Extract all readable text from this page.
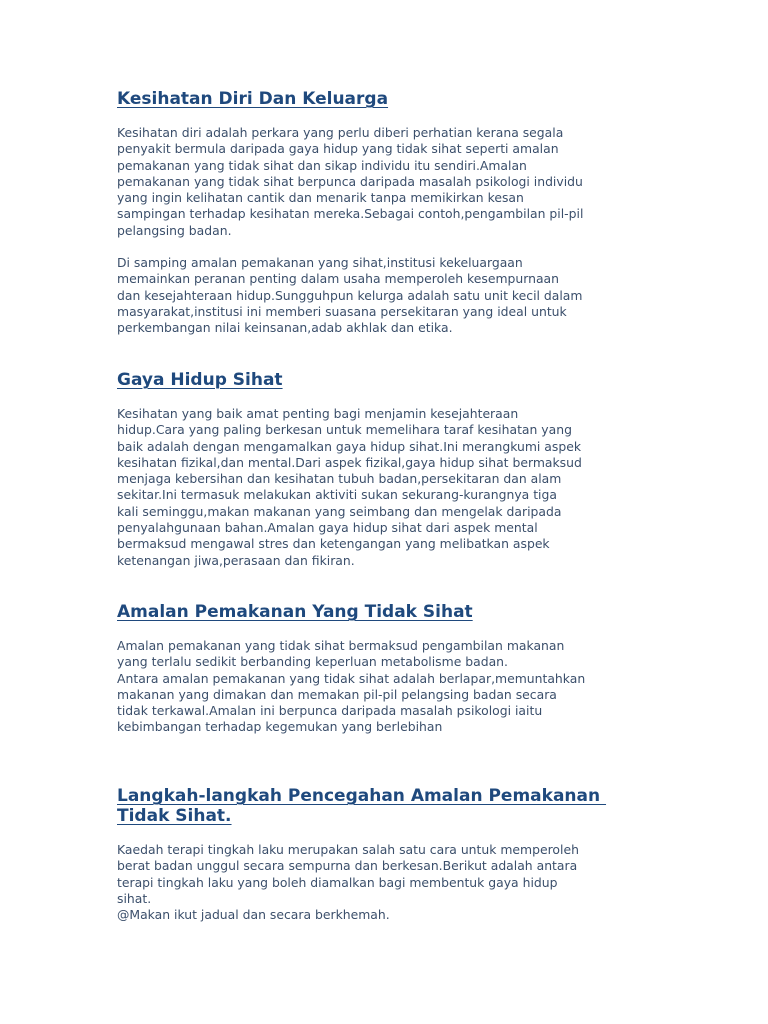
Kesihatan Diri Dan Keluarga

Kesihatan diri adalah perkara yang perlu diberi perhatian kerana segala
penyakit bermula daripada gaya hidup yang tidak sihat seperti amalan
pemakanan yang tidak sihat dan sikap individu itu sendiri.Amalan
pemakanan yang tidak sihat berpunca daripada masalah psikologi individu
yang ingin kelihatan cantik dan menarik tanpa memikirkan kesan
sampingan terhadap kesihatan mereka.Sebagai contoh,pengambilan pil-pil
pelangsing badan.

Di samping amalan pemakanan yang sihat,institusi kekeluargaan
memainkan peranan penting dalam usaha memperoleh kesempurnaan
dan kesejahteraan hidup.Sungguhpun kelurga adalah satu unit kecil dalam
masyarakat,institusi ini memberi suasana persekitaran yang ideal untuk
perkembangan nilai keinsanan,adab akhlak dan etika.

Gaya Hidup Sihat

Kesihatan yang baik amat penting bagi menjamin kesejahteraan
hidup.Cara yang paling berkesan untuk memelihara taraf kesihatan yang
baik adalah dengan mengamalkan gaya hidup sihat.Ini merangkumi aspek
kesihatan fizikal,dan mental.Dari aspek fizikal,gaya hidup sihat bermaksud
menjaga kebersihan dan kesihatan tubuh badan,persekitaran dan alam
sekitar.Ini termasuk melakukan aktiviti sukan sekurang-kurangnya tiga
kali seminggu,makan makanan yang seimbang dan mengelak daripada
penyalahgunaan bahan.Amalan gaya hidup sihat dari aspek mental
bermaksud mengawal stres dan ketengangan yang melibatkan aspek
ketenangan jiwa,perasaan dan fikiran.

Amalan Pemakanan Yang Tidak Sihat

Amalan pemakanan yang tidak sihat bermaksud pengambilan makanan
yang terlalu sedikit berbanding keperluan metabolisme badan.
Antara amalan pemakanan yang tidak sihat adalah berlapar,memuntahkan
makanan yang dimakan dan memakan pil-pil pelangsing badan secara
tidak terkawal.Amalan ini berpunca daripada masalah psikologi iaitu
kebimbangan terhadap kegemukan yang berlebihan

Langkah-langkah Pencegahan Amalan Pemakanan
Tidak Sihat.

Kaedah terapi tingkah laku merupakan salah satu cara untuk memperoleh
berat badan unggul secara sempurna dan berkesan.Berikut adalah antara
terapi tingkah laku yang boleh diamalkan bagi membentuk gaya hidup
sihat.
@Makan ikut jadual dan secara berkhemah.
